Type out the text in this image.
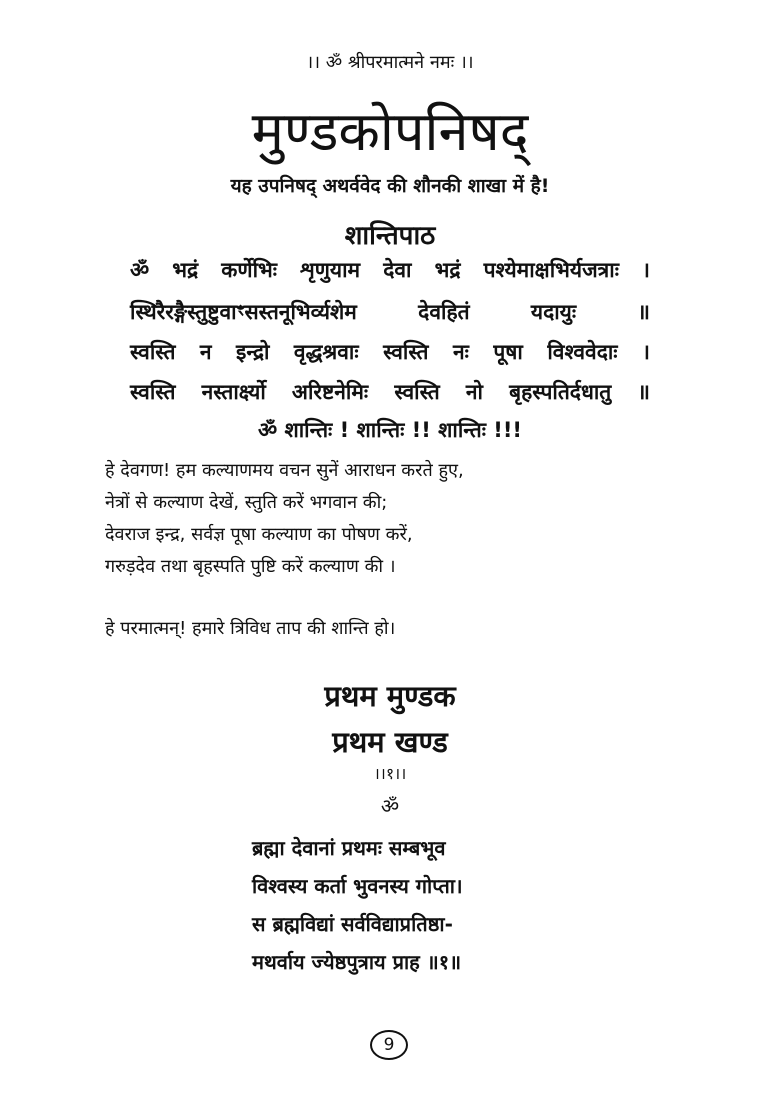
।। ॐ श्रीपरमात्मने नमः ।।
मुण्डकोपनिषद्
यह उपनिषद् अथर्ववेद की शौनकी शाखा में है!
शान्तिपाठ
ॐ भद्रं कर्णेभिः शृणुयाम देवा भद्रं पश्येमाक्षभिर्यजत्राः ।
स्थिरैरङ्गैस्तुष्टुवाꣳसस्तनूभिर्व्यशेम देवहितं यदायुः ॥
स्वस्ति न इन्द्रो वृद्धश्रवाः स्वस्ति नः पूषा विश्ववेदाः ।
स्वस्ति नस्तार्क्ष्यो अरिष्टनेमिः स्वस्ति नो बृहस्पतिर्दधातु ॥
ॐ शान्तिः ! शान्तिः !! शान्तिः !!!
हे देवगण! हम कल्याणमय वचन सुनें आराधन करते हुए,
नेत्रों से कल्याण देखें, स्तुति करें भगवान की;
देवराज इन्द्र, सर्वज्ञ पूषा कल्याण का पोषण करें,
गरुड़देव तथा बृहस्पति पुष्टि करें कल्याण की ।
हे परमात्मन्! हमारे त्रिविध ताप की शान्ति हो।
प्रथम मुण्डक
प्रथम खण्ड
।।१।।
ॐ
ब्रह्मा देवानां प्रथमः सम्बभूव
विश्वस्य कर्ता भुवनस्य गोप्ता।
स ब्रह्मविद्यां सर्वविद्याप्रतिष्ठा-
मथर्वाय ज्येष्ठपुत्राय प्राह ॥१॥
9
